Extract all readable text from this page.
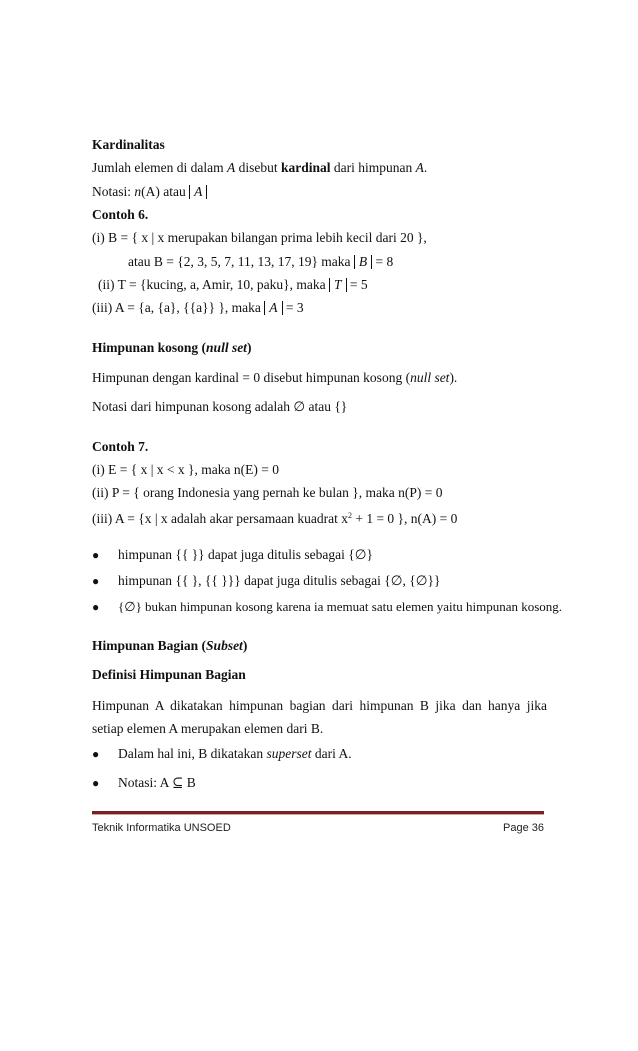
Kardinalitas
Jumlah elemen di dalam A disebut kardinal dari himpunan A.
Notasi: n(A) atau A
Contoh 6.
(i) B = { x | x merupakan bilangan prima lebih kecil dari 20 },
atau B = {2, 3, 5, 7, 11, 13, 17, 19} maka B = 8
(ii) T = {kucing, a, Amir, 10, paku}, maka T = 5
(iii) A = {a, {a}, {{a}} }, maka A = 3
Himpunan kosong (null set)
Himpunan dengan kardinal = 0 disebut himpunan kosong (null set).
Notasi dari himpunan kosong adalah ∅ atau {}
Contoh 7.
(i) E = { x | x < x }, maka n(E) = 0
(ii) P = { orang Indonesia yang pernah ke bulan }, maka n(P) = 0
(iii) A = {x | x adalah akar persamaan kuadrat $x^2 + 1 = 0$ }, n(A) = 0
● himpunan {{ }} dapat juga ditulis sebagai {∅}
● himpunan {{ }, {{ }}} dapat juga ditulis sebagai {∅, {∅}}
● {∅} bukan himpunan kosong karena ia memuat satu elemen yaitu himpunan kosong.
Himpunan Bagian (Subset)
Definisi Himpunan Bagian
Himpunan A dikatakan himpunan bagian dari himpunan B jika dan hanya jika setiap elemen A merupakan elemen dari B.
● Dalam hal ini, B dikatakan superset dari A.
● Notasi: A ⊆ B
Teknik Informatika UNSOED	Page 36
